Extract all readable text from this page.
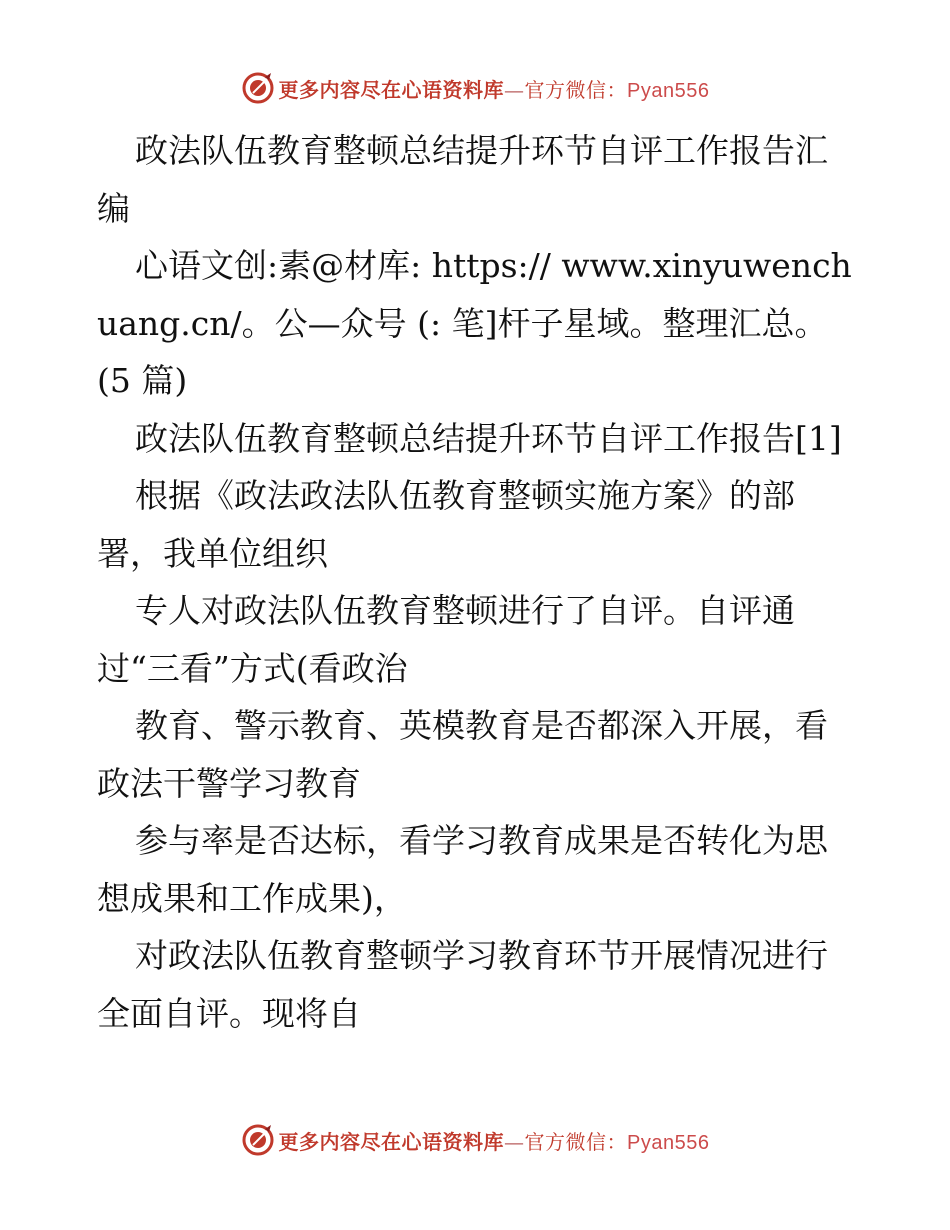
更多内容尽在心语资料库—官方微信：Pyan556

政法队伍教育整顿总结提升环节自评工作报告汇编

心语文创:素@材库: https:// www.xinyuwenchuang.cn/。公—众号 (: 笔]杆子星域。整理汇总。(5 篇)

政法队伍教育整顿总结提升环节自评工作报告[1]

根据《政法政法队伍教育整顿实施方案》的部署，我单位组织

专人对政法队伍教育整顿进行了自评。自评通过“三看”方式(看政治

教育、警示教育、英模教育是否都深入开展，看政法干警学习教育

参与率是否达标，看学习教育成果是否转化为思想成果和工作成果)，

对政法队伍教育整顿学习教育环节开展情况进行全面自评。现将自

更多内容尽在心语资料库—官方微信：Pyan556
